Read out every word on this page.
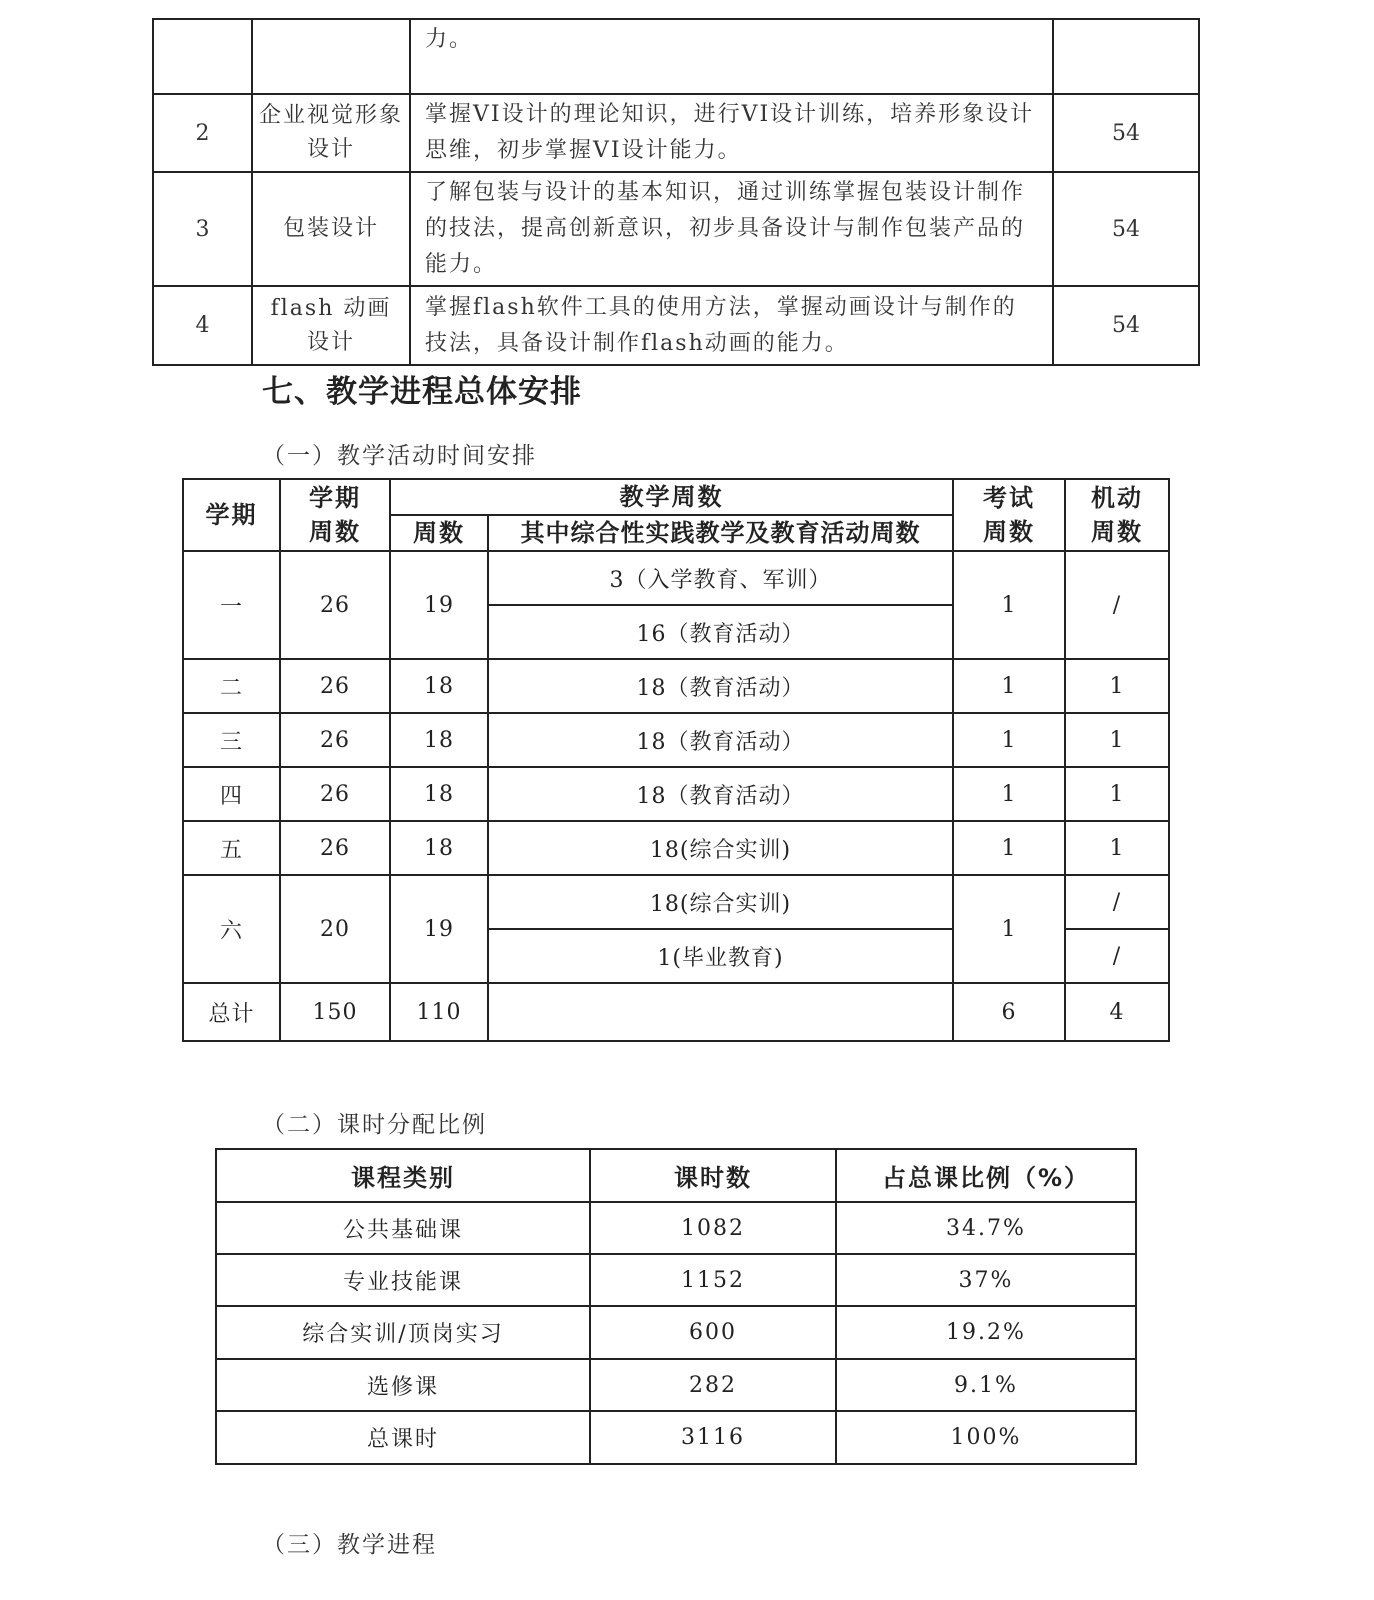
		力。	
2	企业视觉形象设计	掌握VI设计的理论知识，进行VI设计训练，培养形象设计思维，初步掌握VI设计能力。	54
3	包装设计	了解包装与设计的基本知识，通过训练掌握包装设计制作的技法，提高创新意识，初步具备设计与制作包装产品的能力。	54
4	flash 动画设计	掌握flash软件工具的使用方法，掌握动画设计与制作的技法，具备设计制作flash动画的能力。	54
七、教学进程总体安排

（一）教学活动时间安排

学期	学期周数	教学周数		考试周数	机动周数
		周数	其中综合性实践教学及教育活动周数		
一	26	19	3（入学教育、军训）	1	/
			16（教育活动）		
二	26	18	18（教育活动）	1	1
三	26	18	18（教育活动）	1	1
四	26	18	18（教育活动）	1	1
五	26	18	18(综合实训)	1	1
六	20	19	18(综合实训)	1	/
			1(毕业教育)		/
总计	150	110		6	4

（二）课时分配比例

课程类别	课时数	占总课比例（%）
公共基础课	1082	34.7%
专业技能课	1152	37%
综合实训/顶岗实习	600	19.2%
选修课	282	9.1%
总课时	3116	100%

（三）教学进程
